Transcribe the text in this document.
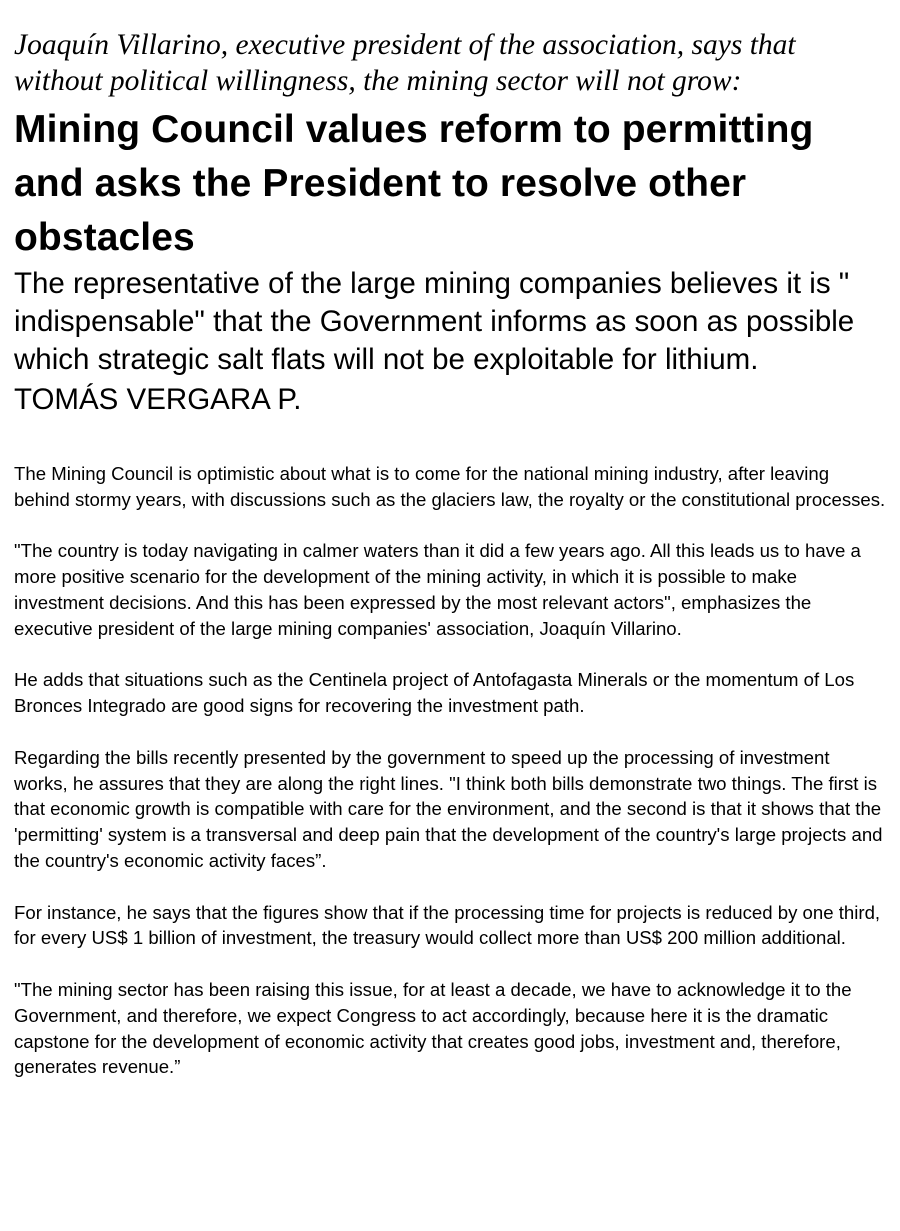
Joaquín Villarino, executive president of the association, says that without political willingness, the mining sector will not grow:

Mining Council values reform to permitting and asks the President to resolve other obstacles

The representative of the large mining companies believes it is " indispensable" that the Government informs as soon as possible which strategic salt flats will not be exploitable for lithium.

TOMÁS VERGARA P.

The Mining Council is optimistic about what is to come for the national mining industry, after leaving behind stormy years, with discussions such as the glaciers law, the royalty or the constitutional processes.

"The country is today navigating in calmer waters than it did a few years ago. All this leads us to have a more positive scenario for the development of the mining activity, in which it is possible to make investment decisions. And this has been expressed by the most relevant actors", emphasizes the executive president of the large mining companies' association, Joaquín Villarino.

He adds that situations such as the Centinela project of Antofagasta Minerals or the momentum of Los Bronces Integrado are good signs for recovering the investment path.

Regarding the bills recently presented by the government to speed up the processing of investment works, he assures that they are along the right lines. "I think both bills demonstrate two things. The first is that economic growth is compatible with care for the environment, and the second is that it shows that the 'permitting' system is a transversal and deep pain that the development of the country's large projects and the country's economic activity faces”.

For instance, he says that the figures show that if the processing time for projects is reduced by one third, for every US$ 1 billion of investment, the treasury would collect more than US$ 200 million additional.

"The mining sector has been raising this issue, for at least a decade, we have to acknowledge it to the Government, and therefore, we expect Congress to act accordingly, because here it is the dramatic capstone for the development of economic activity that creates good jobs, investment and, therefore, generates revenue.”
